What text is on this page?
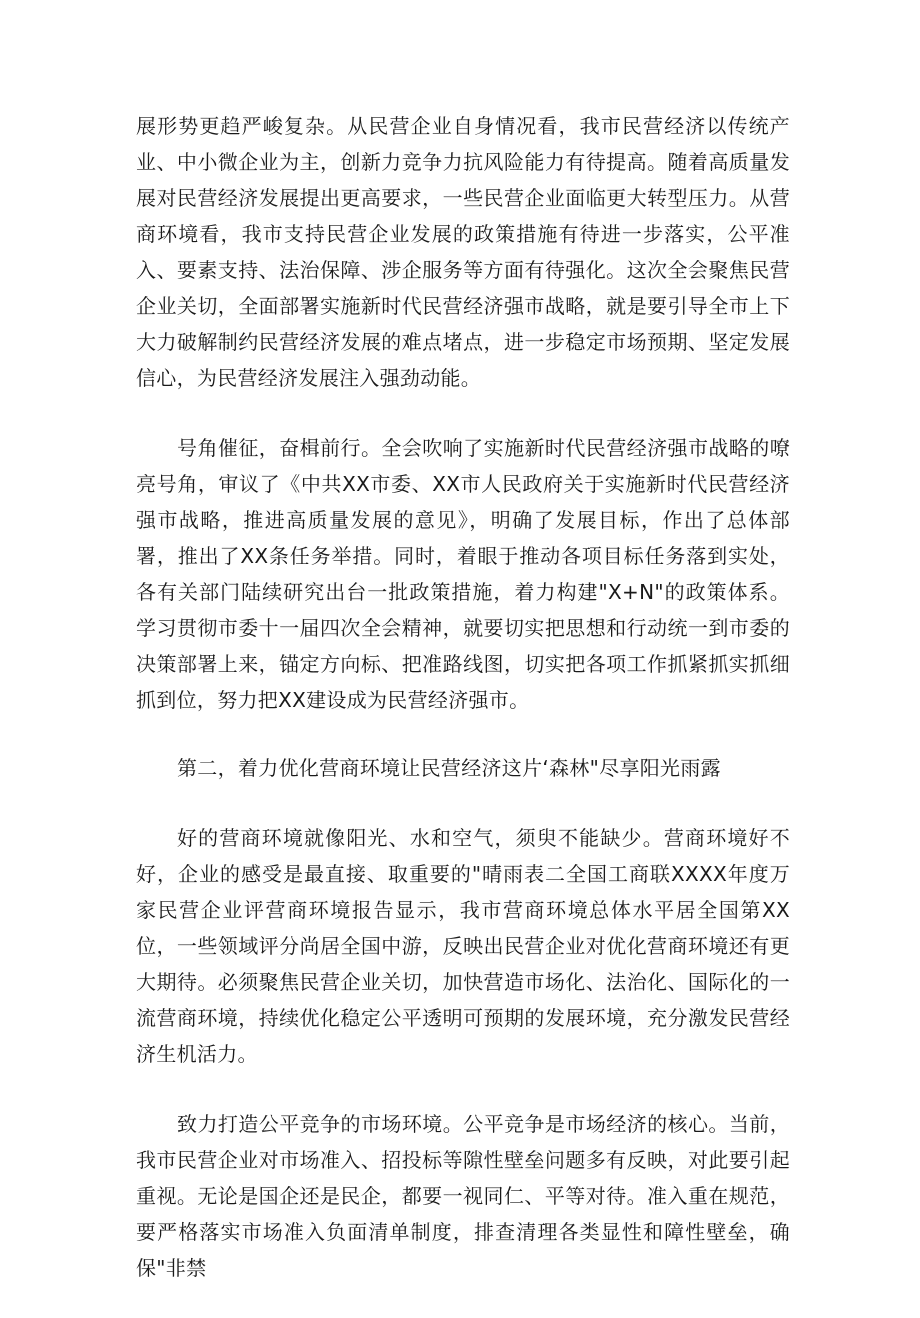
展形势更趋严峻复杂。从民营企业自身情况看，我市民营经济以传统产业、中小微企业为主，创新力竞争力抗风险能力有待提高。随着高质量发展对民营经济发展提出更高要求，一些民营企业面临更大转型压力。从营商环境看，我市支持民营企业发展的政策措施有待进一步落实，公平准入、要素支持、法治保障、涉企服务等方面有待强化。这次全会聚焦民营企业关切，全面部署实施新时代民营经济强市战略，就是要引导全市上下大力破解制约民营经济发展的难点堵点，进一步稳定市场预期、坚定发展信心，为民营经济发展注入强劲动能。

号角催征，奋楫前行。全会吹响了实施新时代民营经济强市战略的嘹亮号角，审议了《中共XX市委、XX市人民政府关于实施新时代民营经济强市战略，推进高质量发展的意见》，明确了发展目标，作出了总体部署，推出了XX条任务举措。同时，着眼于推动各项目标任务落到实处，各有关部门陆续研究出台一批政策措施，着力构建"X+N"的政策体系。学习贯彻市委十一届四次全会精神，就要切实把思想和行动统一到市委的决策部署上来，锚定方向标、把准路线图，切实把各项工作抓紧抓实抓细抓到位，努力把XX建设成为民营经济强市。

第二，着力优化营商环境让民营经济这片‘森林"尽享阳光雨露

好的营商环境就像阳光、水和空气，须臾不能缺少。营商环境好不好，企业的感受是最直接、取重要的"晴雨表二全国工商联XXXX年度万家民营企业评营商环境报告显示，我市营商环境总体水平居全国第XX位，一些领域评分尚居全国中游，反映出民营企业对优化营商环境还有更大期待。必须聚焦民营企业关切，加快营造市场化、法治化、国际化的一流营商环境，持续优化稳定公平透明可预期的发展环境，充分激发民营经济生机活力。

致力打造公平竞争的市场环境。公平竞争是市场经济的核心。当前，我市民营企业对市场准入、招投标等隙性壁垒问题多有反映，对此要引起重视。无论是国企还是民企，都要一视同仁、平等对待。准入重在规范，要严格落实市场准入负面清单制度，排查清理各类显性和障性壁垒，确保"非禁
